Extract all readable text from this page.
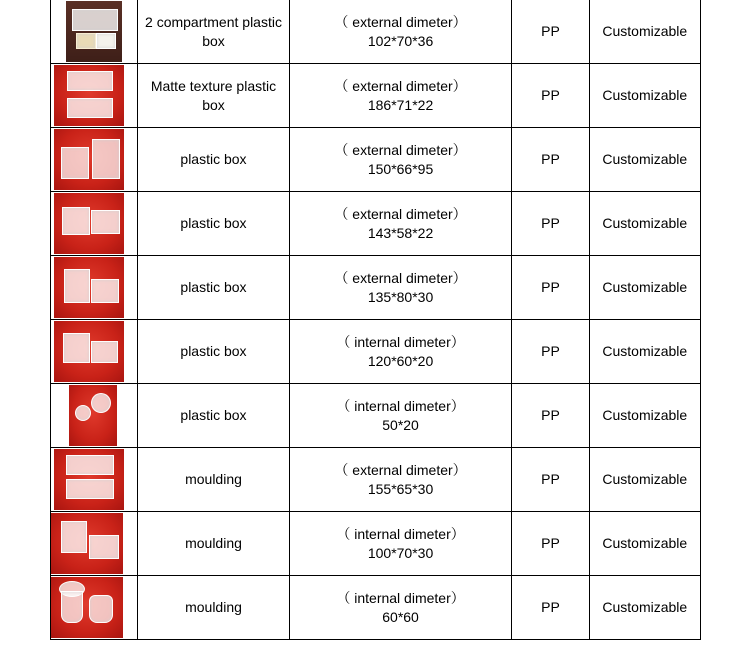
	2 compartment plastic box	（ external dimeter）
102*70*36	PP	Customizable

	Matte texture plastic box	（ external dimeter）
186*71*22	PP	Customizable

	plastic box	（ external dimeter）
150*66*95	PP	Customizable

	plastic box	（ external dimeter）
143*58*22	PP	Customizable

	plastic box	（ external dimeter）
135*80*30	PP	Customizable

	plastic box	（ internal dimeter）
120*60*20	PP	Customizable

	plastic box	（ internal dimeter）
50*20	PP	Customizable

	moulding	（ external dimeter）
155*65*30	PP	Customizable

	moulding	（ internal dimeter）
100*70*30	PP	Customizable

	moulding	（ internal dimeter）
60*60	PP	Customizable
